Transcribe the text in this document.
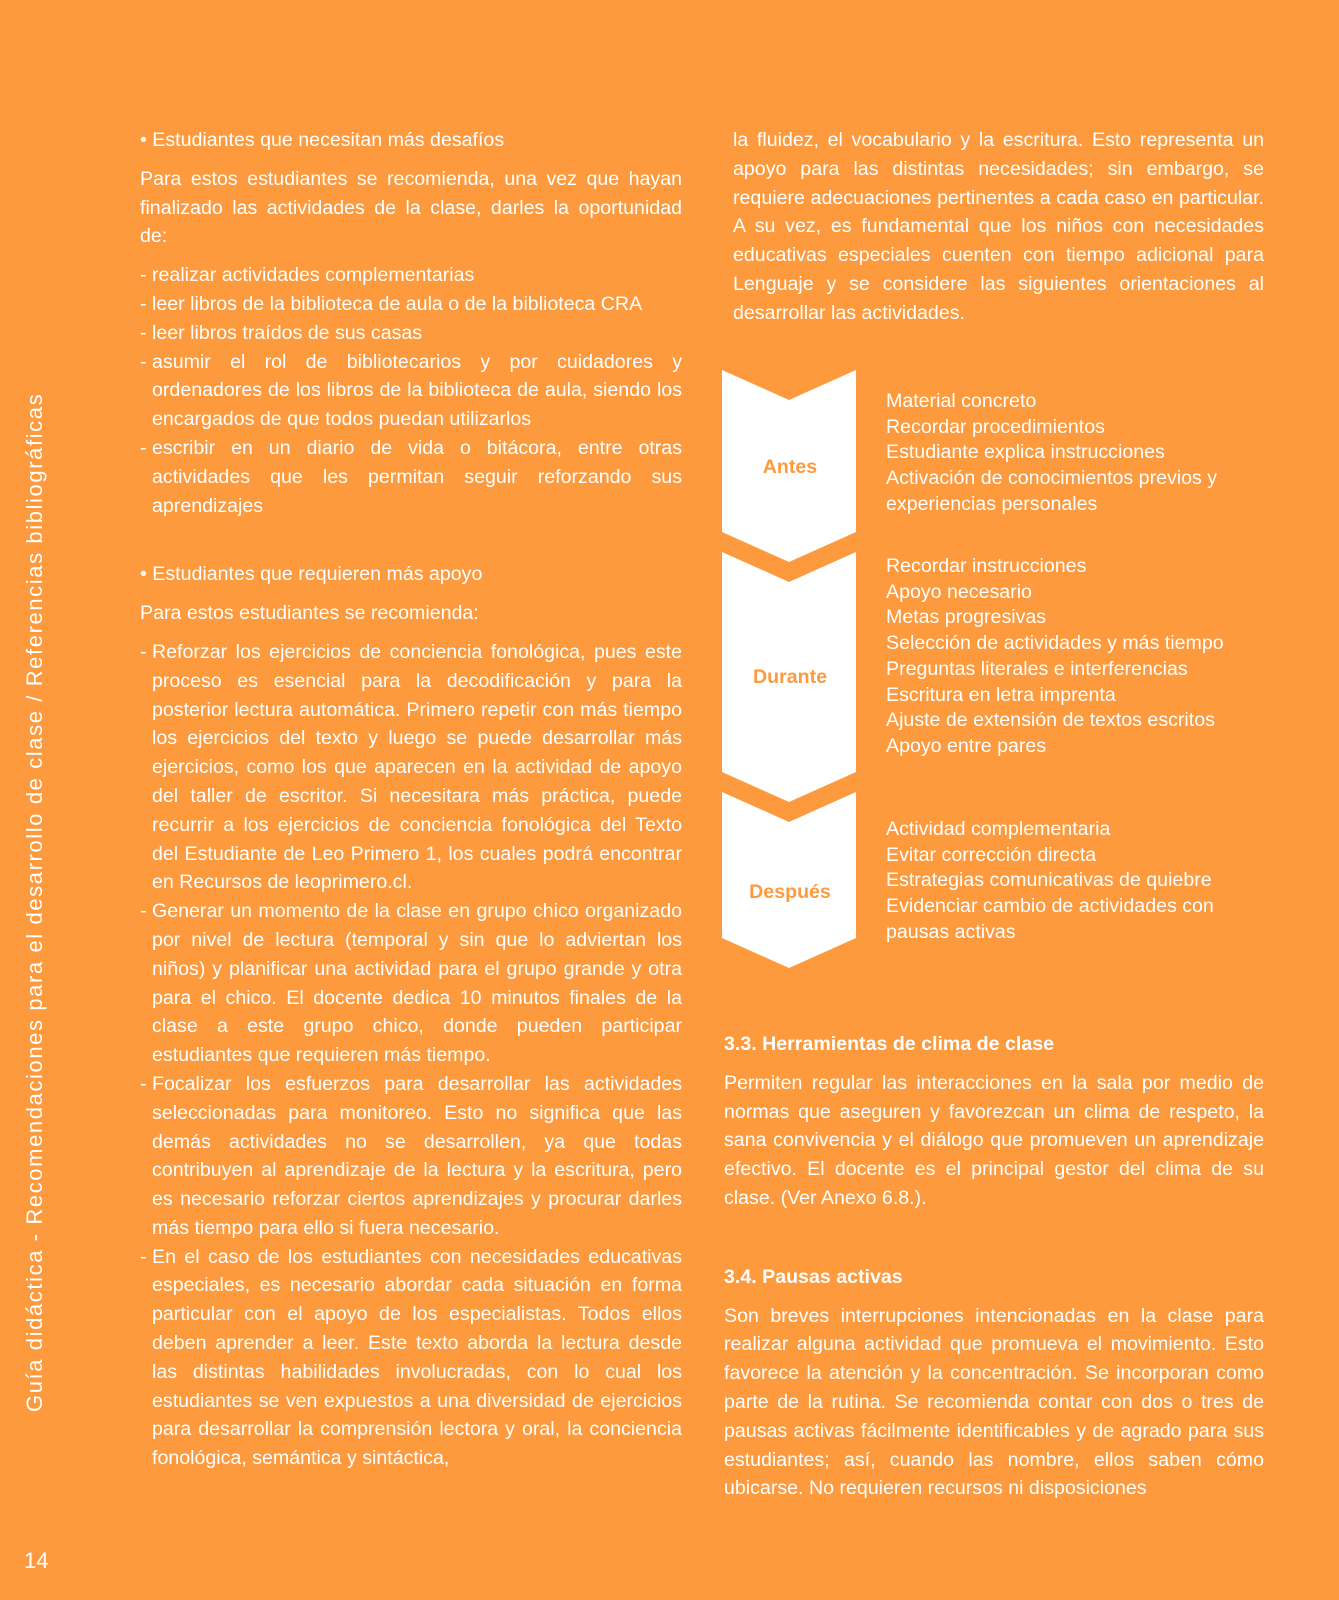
Guía didáctica - Recomendaciones para el desarrollo de clase / Referencias bibliográficas
14

• Estudiantes que necesitan más desafíos

Para estos estudiantes se recomienda, una vez que hayan finalizado las actividades de la clase, darles la oportunidad de:

- realizar actividades complementarias
- leer libros de la biblioteca de aula o de la biblioteca CRA
- leer libros traídos de sus casas
- asumir el rol de bibliotecarios y por cuidadores y ordenadores de los libros de la biblioteca de aula, siendo los encargados de que todos puedan utilizarlos
- escribir en un diario de vida o bitácora, entre otras actividades que les permitan seguir reforzando sus aprendizajes

• Estudiantes que requieren más apoyo

Para estos estudiantes se recomienda:

- Reforzar los ejercicios de conciencia fonológica, pues este proceso es esencial para la decodificación y para la posterior lectura automática. Primero repetir con más tiempo los ejercicios del texto y luego se puede desarrollar más ejercicios, como los que aparecen en la actividad de apoyo del taller de escritor. Si necesitara más práctica, puede recurrir a los ejercicios de conciencia fonológica del Texto del Estudiante de Leo Primero 1, los cuales podrá encontrar en Recursos de leoprimero.cl.
- Generar un momento de la clase en grupo chico organizado por nivel de lectura (temporal y sin que lo adviertan los niños) y planificar una actividad para el grupo grande y otra para el chico. El docente dedica 10 minutos finales de la clase a este grupo chico, donde pueden participar estudiantes que requieren más tiempo.
- Focalizar los esfuerzos para desarrollar las actividades seleccionadas para monitoreo. Esto no significa que las demás actividades no se desarrollen, ya que todas contribuyen al aprendizaje de la lectura y la escritura, pero es necesario reforzar ciertos aprendizajes y procurar darles más tiempo para ello si fuera necesario.
- En el caso de los estudiantes con necesidades educativas especiales, es necesario abordar cada situación en forma particular con el apoyo de los especialistas. Todos ellos deben aprender a leer. Este texto aborda la lectura desde las distintas habilidades involucradas, con lo cual los estudiantes se ven expuestos a una diversidad de ejercicios para desarrollar la comprensión lectora y oral, la conciencia fonológica, semántica y sintáctica,

la fluidez, el vocabulario y la escritura. Esto representa un apoyo para las distintas necesidades; sin embargo, se requiere adecuaciones pertinentes a cada caso en particular. A su vez, es fundamental que los niños con necesidades educativas especiales cuenten con tiempo adicional para Lenguaje y se considere las siguientes orientaciones al desarrollar las actividades.

Antes
Durante
Después
Material concreto
Recordar procedimientos
Estudiante explica instrucciones
Activación de conocimientos previos y
experiencias personales
Recordar instrucciones
Apoyo necesario
Metas progresivas
Selección de actividades y más tiempo
Preguntas literales e interferencias
Escritura en letra imprenta
Ajuste de extensión de textos escritos
Apoyo entre pares
Actividad complementaria
Evitar corrección directa
Estrategias comunicativas de quiebre
Evidenciar cambio de actividades con
pausas activas
3.3. Herramientas de clima de clase

Permiten regular las interacciones en la sala por medio de normas que aseguren y favorezcan un clima de respeto, la sana convivencia y el diálogo que promueven un aprendizaje efectivo. El docente es el principal gestor del clima de su clase. (Ver Anexo 6.8.).

3.4. Pausas activas

Son breves interrupciones intencionadas en la clase para realizar alguna actividad que promueva el movimiento. Esto favorece la atención y la concentración. Se incorporan como parte de la rutina. Se recomienda contar con dos o tres de pausas activas fácilmente identificables y de agrado para sus estudiantes; así, cuando las nombre, ellos saben cómo ubicarse. No requieren recursos ni disposiciones
